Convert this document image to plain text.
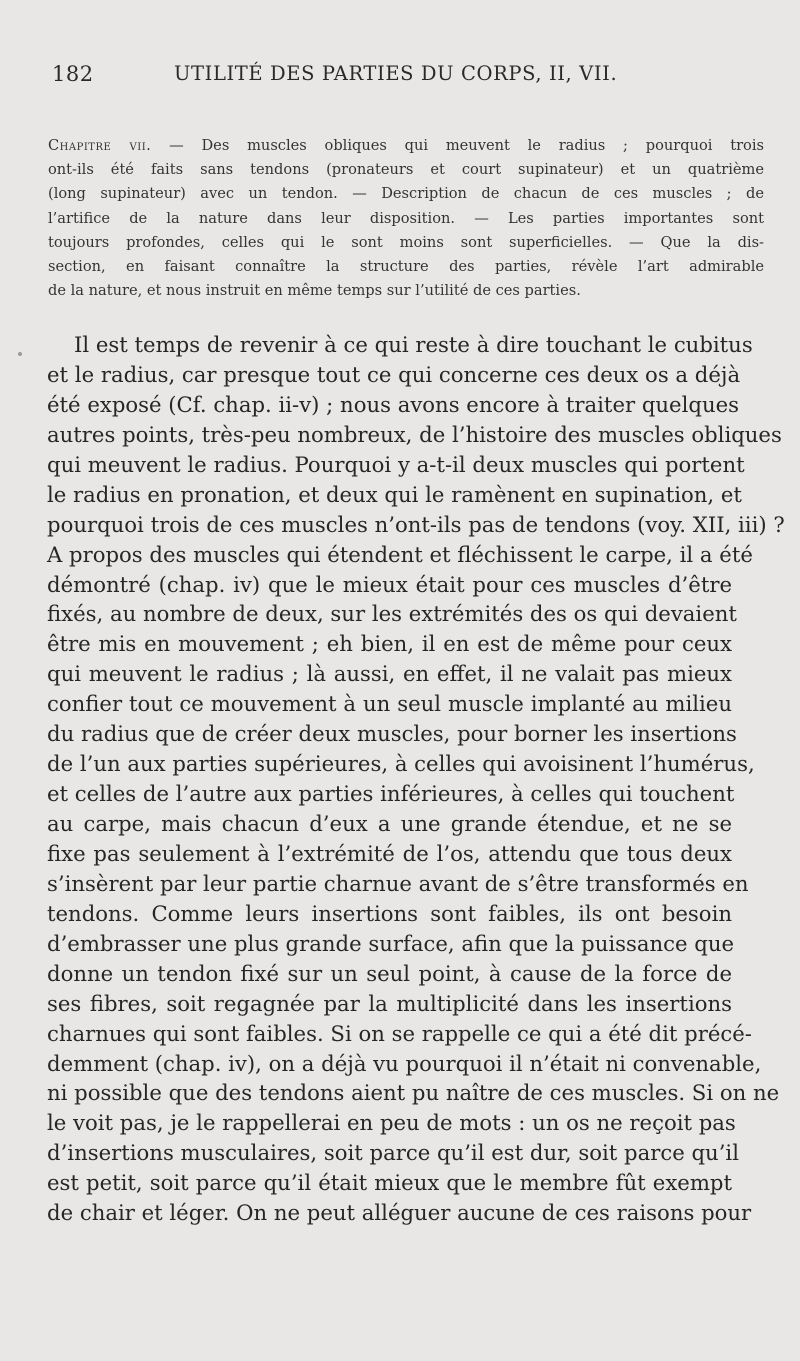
182	UTILITÉ DES PARTIES DU CORPS, II, VII.
Chapitre vii. — Des muscles obliques qui meuvent le radius ; pourquoi trois
ont-ils été faits sans tendons (pronateurs et court supinateur) et un quatrième
(long supinateur) avec un tendon. — Description de chacun de ces muscles ; de
l’artifice de la nature dans leur disposition. — Les parties importantes sont
toujours profondes, celles qui le sont moins sont superficielles. — Que la dis-
section, en faisant connaître la structure des parties, révèle l’art admirable
de la nature, et nous instruit en même temps sur l’utilité de ces parties.
Il est temps de revenir à ce qui reste à dire touchant le cubitus
et le radius, car presque tout ce qui concerne ces deux os a déjà
été exposé (Cf. chap. ii-v) ; nous avons encore à traiter quelques
autres points, très-peu nombreux, de l’histoire des muscles obliques
qui meuvent le radius. Pourquoi y a-t-il deux muscles qui portent
le radius en pronation, et deux qui le ramènent en supination, et
pourquoi trois de ces muscles n’ont-ils pas de tendons (voy. XII, iii) ?
A propos des muscles qui étendent et fléchissent le carpe, il a été
démontré (chap. iv) que le mieux était pour ces muscles d’être
fixés, au nombre de deux, sur les extrémités des os qui devaient
être mis en mouvement ; eh bien, il en est de même pour ceux
qui meuvent le radius ; là aussi, en effet, il ne valait pas mieux
confier tout ce mouvement à un seul muscle implanté au milieu
du radius que de créer deux muscles, pour borner les insertions
de l’un aux parties supérieures, à celles qui avoisinent l’humérus,
et celles de l’autre aux parties inférieures, à celles qui touchent
au carpe, mais chacun d’eux a une grande étendue, et ne se
fixe pas seulement à l’extrémité de l’os, attendu que tous deux
s’insèrent par leur partie charnue avant de s’être transformés en
tendons. Comme leurs insertions sont faibles, ils ont besoin
d’embrasser une plus grande surface, afin que la puissance que
donne un tendon fixé sur un seul point, à cause de la force de
ses fibres, soit regagnée par la multiplicité dans les insertions
charnues qui sont faibles. Si on se rappelle ce qui a été dit précé-
demment (chap. iv), on a déjà vu pourquoi il n’était ni convenable,
ni possible que des tendons aient pu naître de ces muscles. Si on ne
le voit pas, je le rappellerai en peu de mots : un os ne reçoit pas
d’insertions musculaires, soit parce qu’il est dur, soit parce qu’il
est petit, soit parce qu’il était mieux que le membre fût exempt
de chair et léger. On ne peut alléguer aucune de ces raisons pour
